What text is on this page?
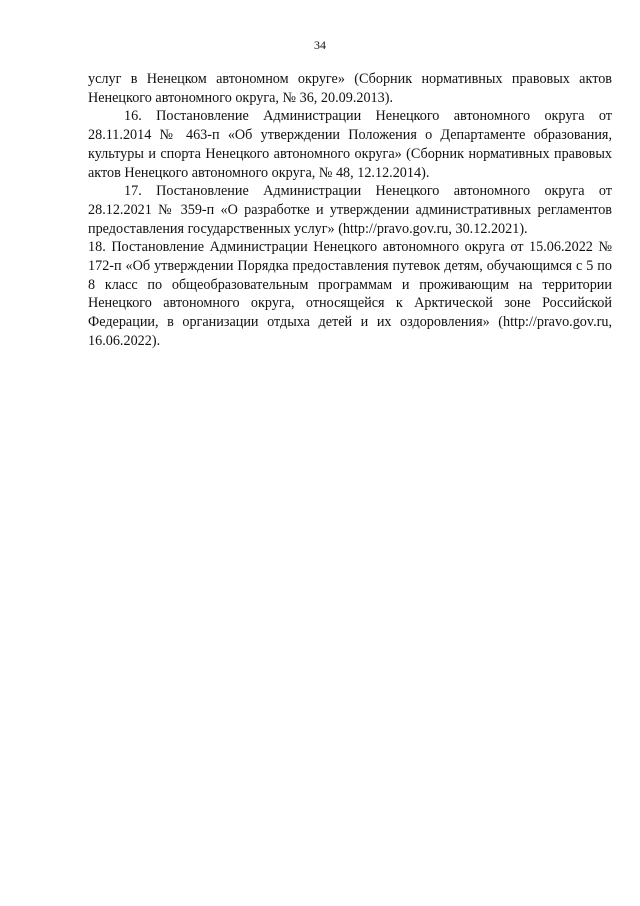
34

услуг в Ненецком автономном округе» (Сборник нормативных правовых актов Ненецкого автономного округа, № 36, 20.09.2013).

16. Постановление Администрации Ненецкого автономного округа от 28.11.2014 № 463-п «Об утверждении Положения о Департаменте образования, культуры и спорта Ненецкого автономного округа» (Сборник нормативных правовых актов Ненецкого автономного округа, № 48, 12.12.2014).

17. Постановление Администрации Ненецкого автономного округа от 28.12.2021 № 359-п «О разработке и утверждении административных регламентов предоставления государственных услуг» (http://pravo.gov.ru, 30.12.2021).

18. Постановление Администрации Ненецкого автономного округа от 15.06.2022 № 172-п «Об утверждении Порядка предоставления путевок детям, обучающимся с 5 по 8 класс по общеобразовательным программам и проживающим на территории Ненецкого автономного округа, относящейся к Арктической зоне Российской Федерации, в организации отдыха детей и их оздоровления» (http://pravo.gov.ru, 16.06.2022).
